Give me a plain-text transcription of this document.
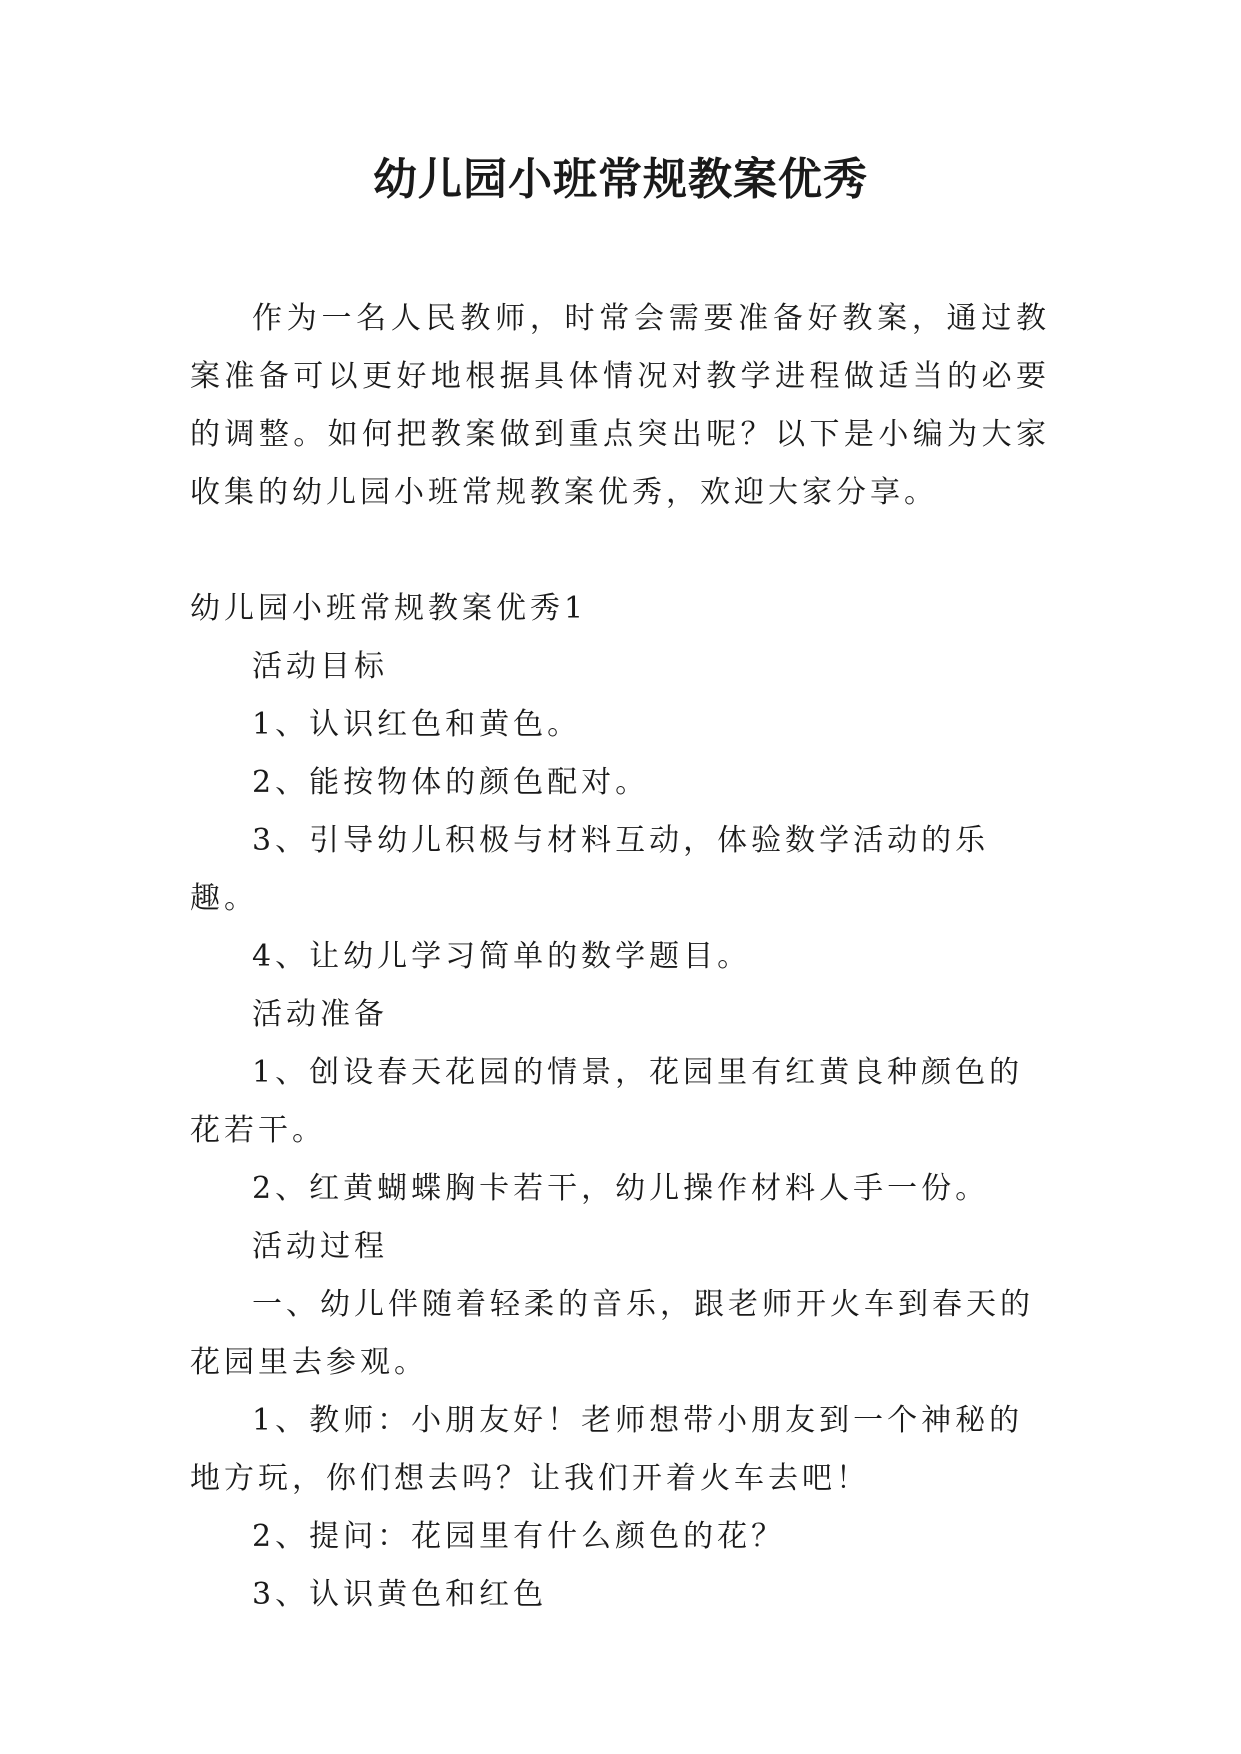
幼儿园小班常规教案优秀

作为一名人民教师，时常会需要准备好教案，通过教案准备可以更好地根据具体情况对教学进程做适当的必要的调整。如何把教案做到重点突出呢？以下是小编为大家收集的幼儿园小班常规教案优秀，欢迎大家分享。

幼儿园小班常规教案优秀1

活动目标

1、认识红色和黄色。

2、能按物体的颜色配对。

3、引导幼儿积极与材料互动，体验数学活动的乐趣。

4、让幼儿学习简单的数学题目。

活动准备

1、创设春天花园的情景，花园里有红黄良种颜色的花若干。

2、红黄蝴蝶胸卡若干，幼儿操作材料人手一份。

活动过程

一、幼儿伴随着轻柔的音乐，跟老师开火车到春天的花园里去参观。

1、教师：小朋友好！老师想带小朋友到一个神秘的地方玩，你们想去吗？让我们开着火车去吧！

2、提问：花园里有什么颜色的花？

3、认识黄色和红色
